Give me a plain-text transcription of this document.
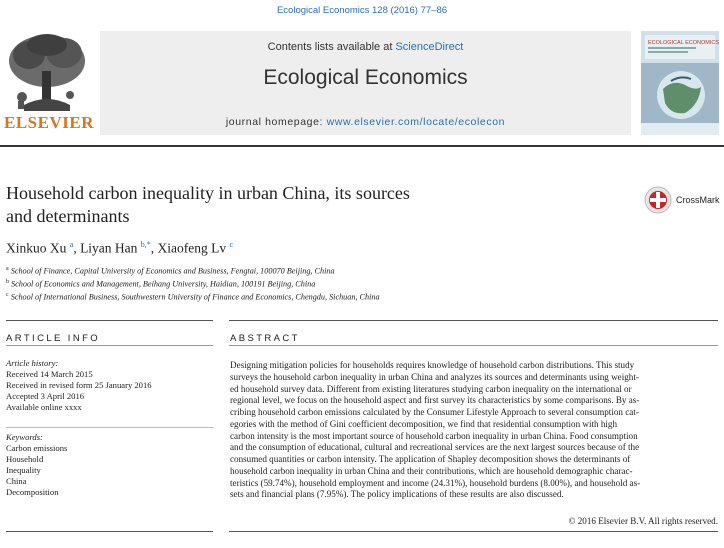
Ecological Economics 128 (2016) 77–86
ELSEVIER
Contents lists available at ScienceDirect
Ecological Economics
journal homepage: www.elsevier.com/locate/ecolecon
ECOLOGICAL ECONOMICS
Household carbon inequality in urban China, its sources
and determinants
CrossMark
Xinkuo Xu $^a$, Liyan Han $^{b,*}$, Xiaofeng Lv $^c$
$^a$ School of Finance, Capital University of Economics and Business, Fengtai, 100070 Beijing, China
$^b$ School of Economics and Management, Beihang University, Haidian, 100191 Beijing, China
$^c$ School of International Business, Southwestern University of Finance and Economics, Chengdu, Sichuan, China
ARTICLE INFO	ABSTRACT
Article history:
Received 14 March 2015
Received in revised form 25 January 2016
Accepted 3 April 2016
Available online xxxx
Keywords:
Carbon emissions
Household
Inequality
China
Decomposition
Designing mitigation policies for households requires knowledge of household carbon distributions. This study
surveys the household carbon inequality in urban China and analyzes its sources and determinants using weight-
ed household survey data. Different from existing literatures studying carbon inequality on the international or
regional level, we focus on the household aspect and first survey its characteristics by some comparisons. By as-
cribing household carbon emissions calculated by the Consumer Lifestyle Approach to several consumption cat-
egories with the method of Gini coefficient decomposition, we find that residential consumption with high
carbon intensity is the most important source of household carbon inequality in urban China. Food consumption
and the consumption of educational, cultural and recreational services are the next largest sources because of the
consumed quantities or carbon intensity. The application of Shapley decomposition shows the determinants of
household carbon inequality in urban China and their contributions, which are household demographic charac-
teristics (59.74%), household employment and income (24.31%), household burdens (8.00%), and household as-
sets and financial plans (7.95%). The policy implications of these results are also discussed.
© 2016 Elsevier B.V. All rights reserved.
